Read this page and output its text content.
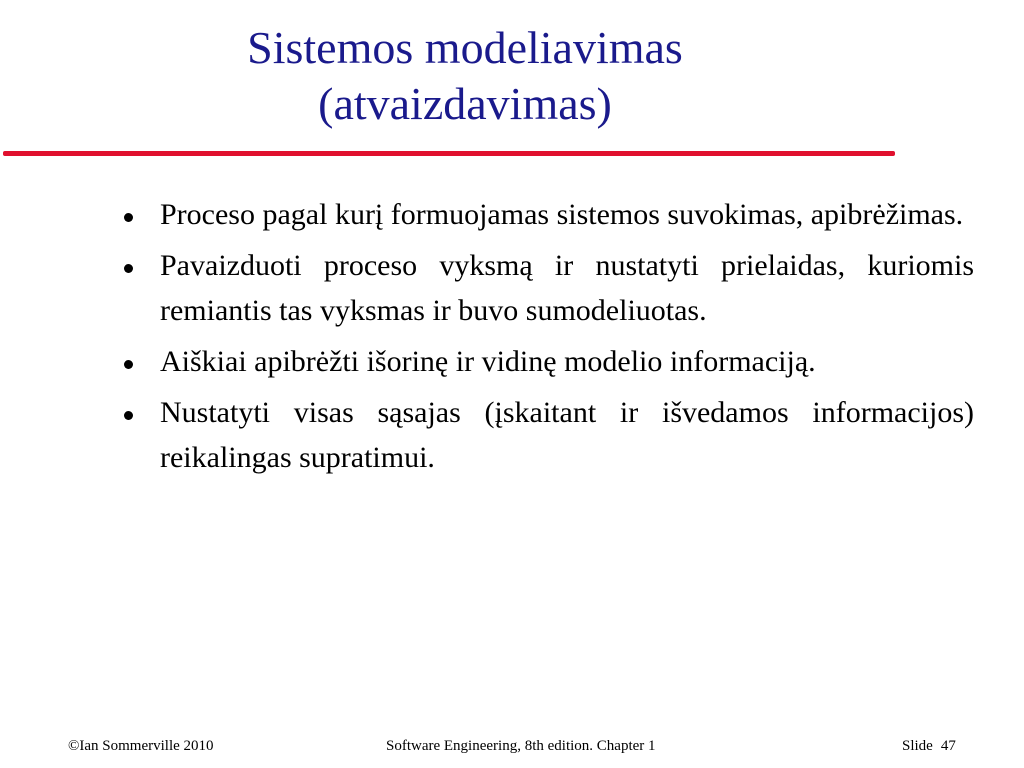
Sistemos modeliavimas
(atvaizdavimas)
Proceso pagal kurį formuojamas sistemos suvokimas, apibrėžimas.
Pavaizduoti proceso vyksmą ir nustatyti prielaidas, kuriomis remiantis tas vyksmas ir buvo sumodeliuotas.
Aiškiai apibrėžti išorinę ir vidinę modelio informaciją.
Nustatyti visas sąsajas (įskaitant ir išvedamos informacijos) reikalingas supratimui.
©Ian Sommerville 2010	Software Engineering, 8th edition. Chapter 1	Slide 47
